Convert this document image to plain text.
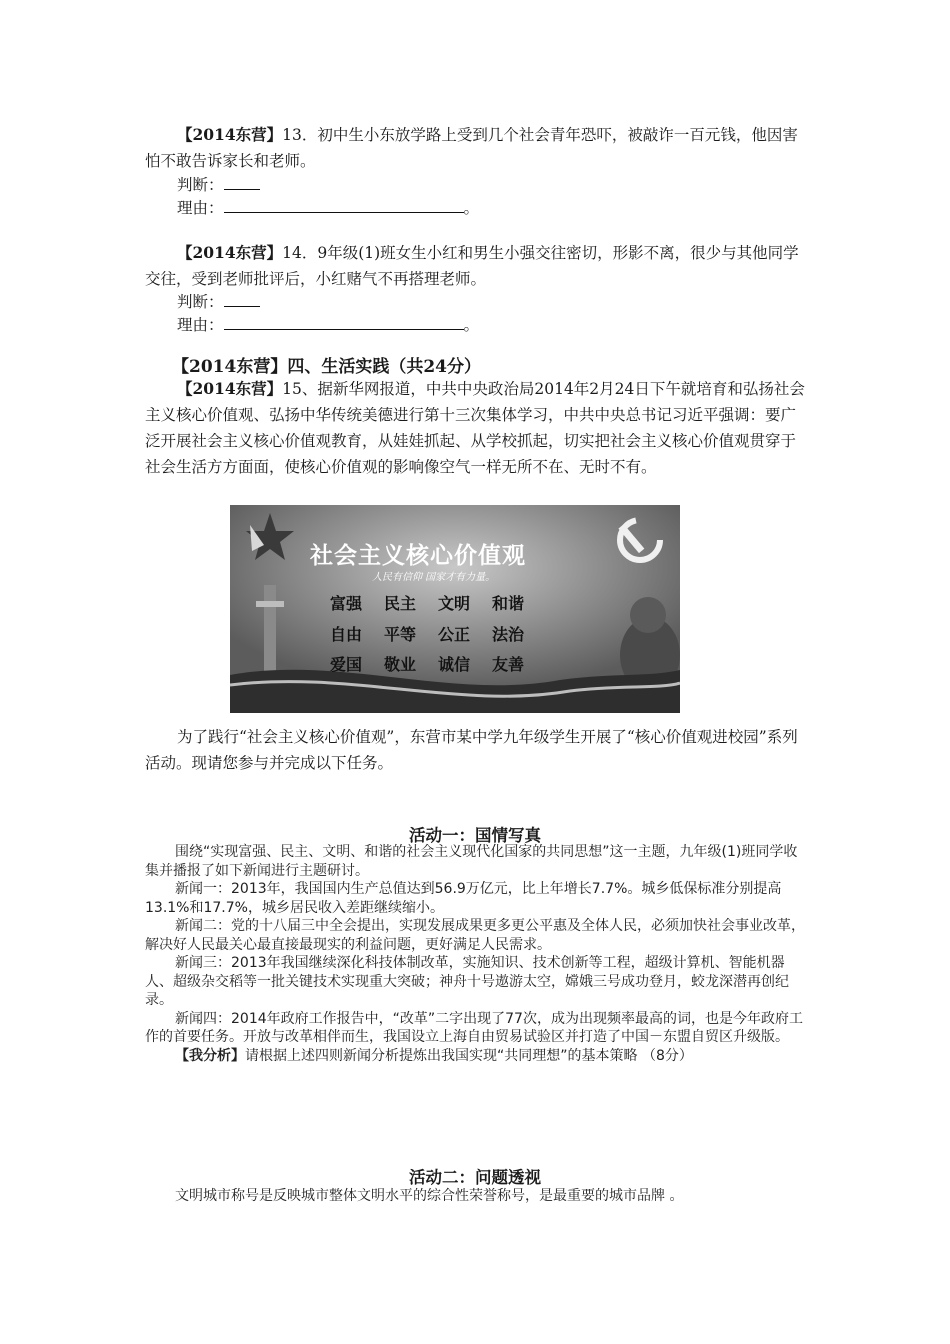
【2014东营】13．初中生小东放学路上受到几个社会青年恐吓，被敲诈一百元钱，他因害怕不敢告诉家长和老师。
判断：
理由：	。
【2014东营】14．9年级(1)班女生小红和男生小强交往密切，形影不离，很少与其他同学交往，受到老师批评后，小红赌气不再搭理老师。
判断：
理由：	。
【2014东营】四、生活实践（共24分）
【2014东营】15、据新华网报道，中共中央政治局2014年2月24日下午就培育和弘扬社会主义核心价值观、弘扬中华传统美德进行第十三次集体学习，中共中央总书记习近平强调：要广泛开展社会主义核心价值观教育，从娃娃抓起、从学校抓起，切实把社会主义核心价值观贯穿于社会生活方方面面，使核心价值观的影响像空气一样无所不在、无时不有。
社会主义核心价值观
人民有信仰 国家才有力量。
富强 民主 文明 和谐
自由 平等 公正 法治
爱国 敬业 诚信 友善
为了践行“社会主义核心价值观”，东营市某中学九年级学生开展了“核心价值观进校园”系列活动。现请您参与并完成以下任务。
活动一：国情写真

围绕“实现富强、民主、文明、和谐的社会主义现代化国家的共同思想”这一主题，九年级(1)班同学收集并播报了如下新闻进行主题研讨。

新闻一：2013年，我国国内生产总值达到56.9万亿元，比上年增长7.7%。城乡低保标准分别提高13.1%和17.7%，城乡居民收入差距继续缩小。

新闻二：党的十八届三中全会提出，实现发展成果更多更公平惠及全体人民，必须加快社会事业改革，解决好人民最关心最直接最现实的利益问题，更好满足人民需求。

新闻三：2013年我国继续深化科技体制改革，实施知识、技术创新等工程，超级计算机、智能机器人、超级杂交稻等一批关键技术实现重大突破；神舟十号遨游太空，嫦娥三号成功登月，蛟龙深潜再创纪录。

新闻四：2014年政府工作报告中，“改革”二字出现了77次，成为出现频率最高的词，也是今年政府工作的首要任务。开放与改革相伴而生，我国设立上海自由贸易试验区并打造了中国－东盟自贸区升级版。

【我分析】请根据上述四则新闻分析提炼出我国实现“共同理想”的基本策略 （8分）

活动二：问题透视

文明城市称号是反映城市整体文明水平的综合性荣誉称号，是最重要的城市品牌 。
